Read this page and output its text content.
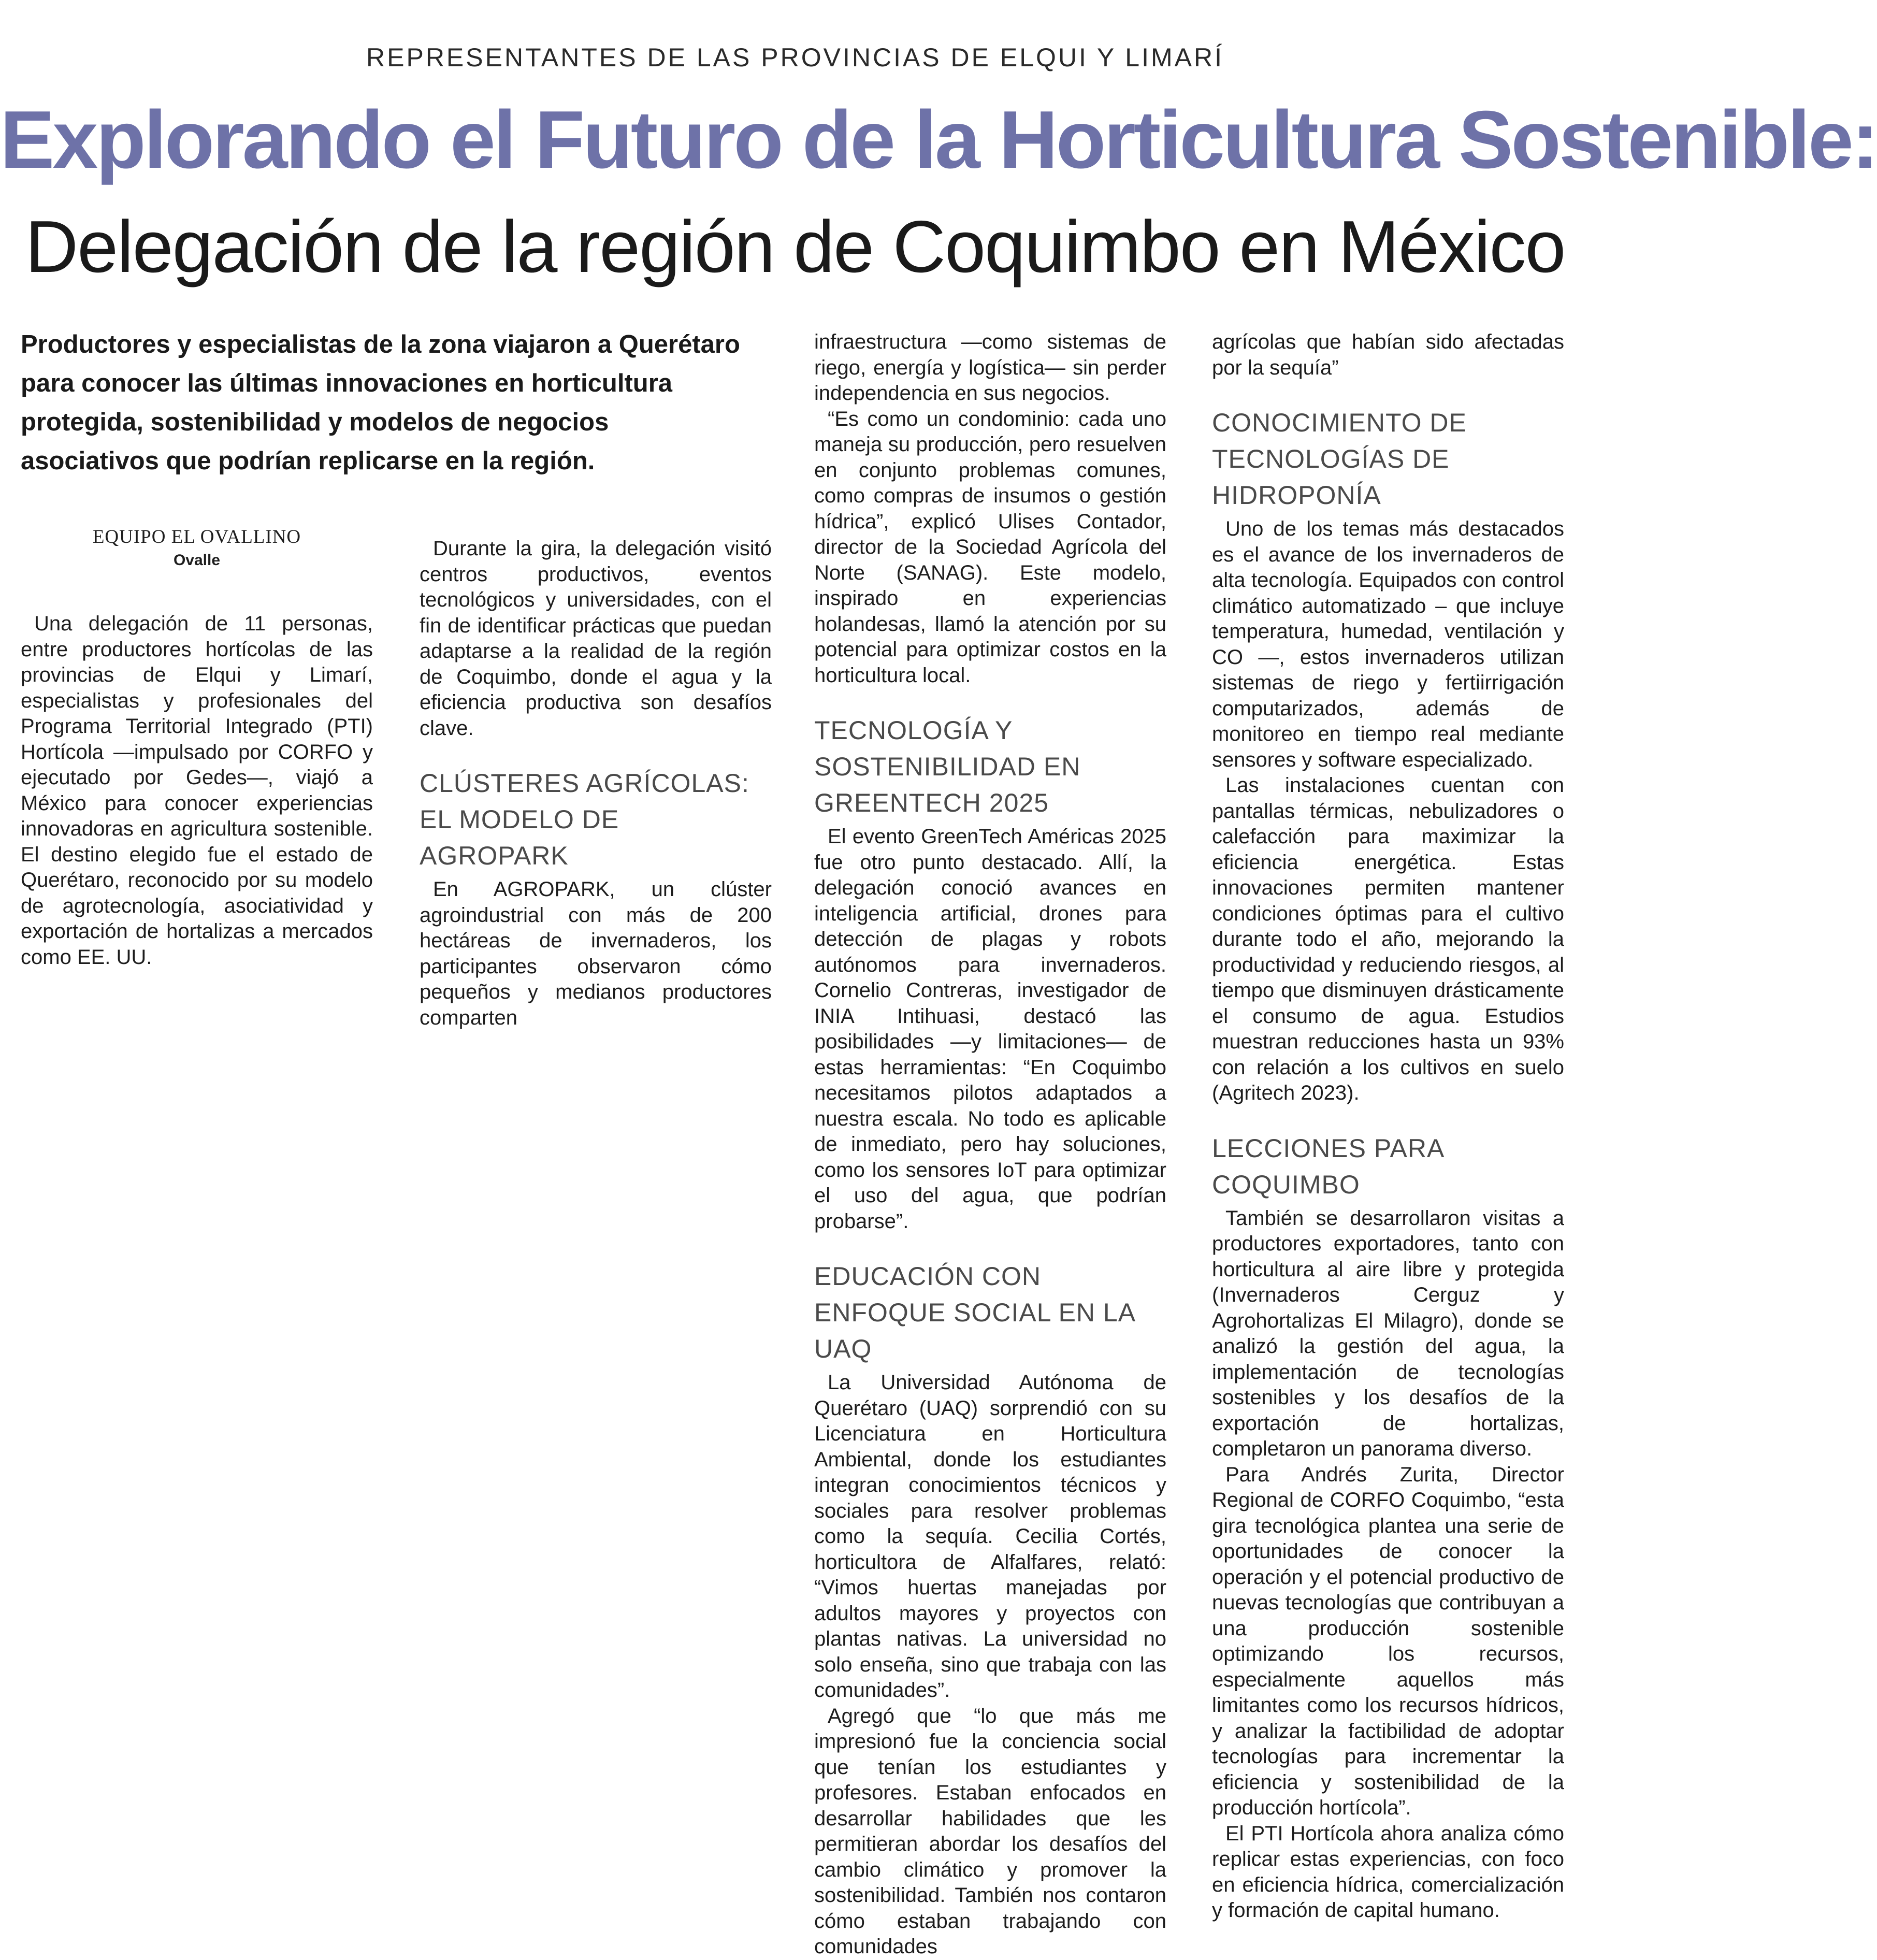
REPRESENTANTES DE LAS PROVINCIAS DE ELQUI Y LIMARÍ
Explorando el Futuro de la Horticultura Sostenible:
Delegación de la región de Coquimbo en México
Productores y especialistas de la zona viajaron a Querétaro para conocer las últimas innovaciones en horticultura protegida, sostenibilidad y modelos de negocios asociativos que podrían replicarse en la región.
EQUIPO EL OVALLINO
Ovalle

Una delegación de 11 personas, entre productores hortícolas de las provincias de Elqui y Limarí, especialistas y profesionales del Programa Territorial Integrado (PTI) Hortícola —impulsado por CORFO y ejecutado por Gedes—, viajó a México para conocer experiencias innovadoras en agricultura sostenible. El destino elegido fue el estado de Querétaro, reconocido por su modelo de agrotecnología, asociatividad y exportación de hortalizas a mercados como EE. UU.

Durante la gira, la delegación visitó centros productivos, eventos tecnológicos y universidades, con el fin de identificar prácticas que puedan adaptarse a la realidad de la región de Coquimbo, donde el agua y la eficiencia productiva son desafíos clave.

CLÚSTERES AGRÍCOLAS: EL MODELO DE AGROPARK

En AGROPARK, un clúster agroindustrial con más de 200 hectáreas de invernaderos, los participantes observaron cómo pequeños y medianos productores comparten

infraestructura —como sistemas de riego, energía y logística— sin perder independencia en sus negocios.

“Es como un condominio: cada uno maneja su producción, pero resuelven en conjunto problemas comunes, como compras de insumos o gestión hídrica”, explicó Ulises Contador, director de la Sociedad Agrícola del Norte (SANAG). Este modelo, inspirado en experiencias holandesas, llamó la atención por su potencial para optimizar costos en la horticultura local.

TECNOLOGÍA Y SOSTENIBILIDAD EN GREENTECH 2025

El evento GreenTech Américas 2025 fue otro punto destacado. Allí, la delegación conoció avances en inteligencia artificial, drones para detección de plagas y robots autónomos para invernaderos. Cornelio Contreras, investigador de INIA Intihuasi, destacó las posibilidades —y limitaciones— de estas herramientas: “En Coquimbo necesitamos pilotos adaptados a nuestra escala. No todo es aplicable de inmediato, pero hay soluciones, como los sensores IoT para optimizar el uso del agua, que podrían probarse”.

EDUCACIÓN CON ENFOQUE SOCIAL EN LA UAQ

La Universidad Autónoma de Querétaro (UAQ) sorprendió con su Licenciatura en Horticultura Ambiental, donde los estudiantes integran conocimientos técnicos y sociales para resolver problemas como la sequía. Cecilia Cortés, horticultora de Alfalfares, relató: “Vimos huertas manejadas por adultos mayores y proyectos con plantas nativas. La universidad no solo enseña, sino que trabaja con las comunidades”.

Agregó que “lo que más me impresionó fue la conciencia social que tenían los estudiantes y profesores. Estaban enfocados en desarrollar habilidades que les permitieran abordar los desafíos del cambio climático y promover la sostenibilidad. También nos contaron cómo estaban trabajando con comunidades

agrícolas que habían sido afectadas por la sequía”

CONOCIMIENTO DE TECNOLOGÍAS DE HIDROPONÍA

Uno de los temas más destacados es el avance de los invernaderos de alta tecnología. Equipados con control climático automatizado – que incluye temperatura, humedad, ventilación y CO —, estos invernaderos utilizan sistemas de riego y fertiirrigación computarizados, además de monitoreo en tiempo real mediante sensores y software especializado.

Las instalaciones cuentan con pantallas térmicas, nebulizadores o calefacción para maximizar la eficiencia energética. Estas innovaciones permiten mantener condiciones óptimas para el cultivo durante todo el año, mejorando la productividad y reduciendo riesgos, al tiempo que disminuyen drásticamente el consumo de agua. Estudios muestran reducciones hasta un 93% con relación a los cultivos en suelo (Agritech 2023).

LECCIONES PARA COQUIMBO

También se desarrollaron visitas a productores exportadores, tanto con horticultura al aire libre y protegida (Invernaderos Cerguz y Agrohortalizas El Milagro), donde se analizó la gestión del agua, la implementación de tecnologías sostenibles y los desafíos de la exportación de hortalizas, completaron un panorama diverso.

Para Andrés Zurita, Director Regional de CORFO Coquimbo, “esta gira tecnológica plantea una serie de oportunidades de conocer la operación y el potencial productivo de nuevas tecnologías que contribuyan a una producción sostenible optimizando los recursos, especialmente aquellos más limitantes como los recursos hídricos, y analizar la factibilidad de adoptar tecnologías para incrementar la eficiencia y sostenibilidad de la producción hortícola”.

El PTI Hortícola ahora analiza cómo replicar estas experiencias, con foco en eficiencia hídrica, comercialización y formación de capital humano.
